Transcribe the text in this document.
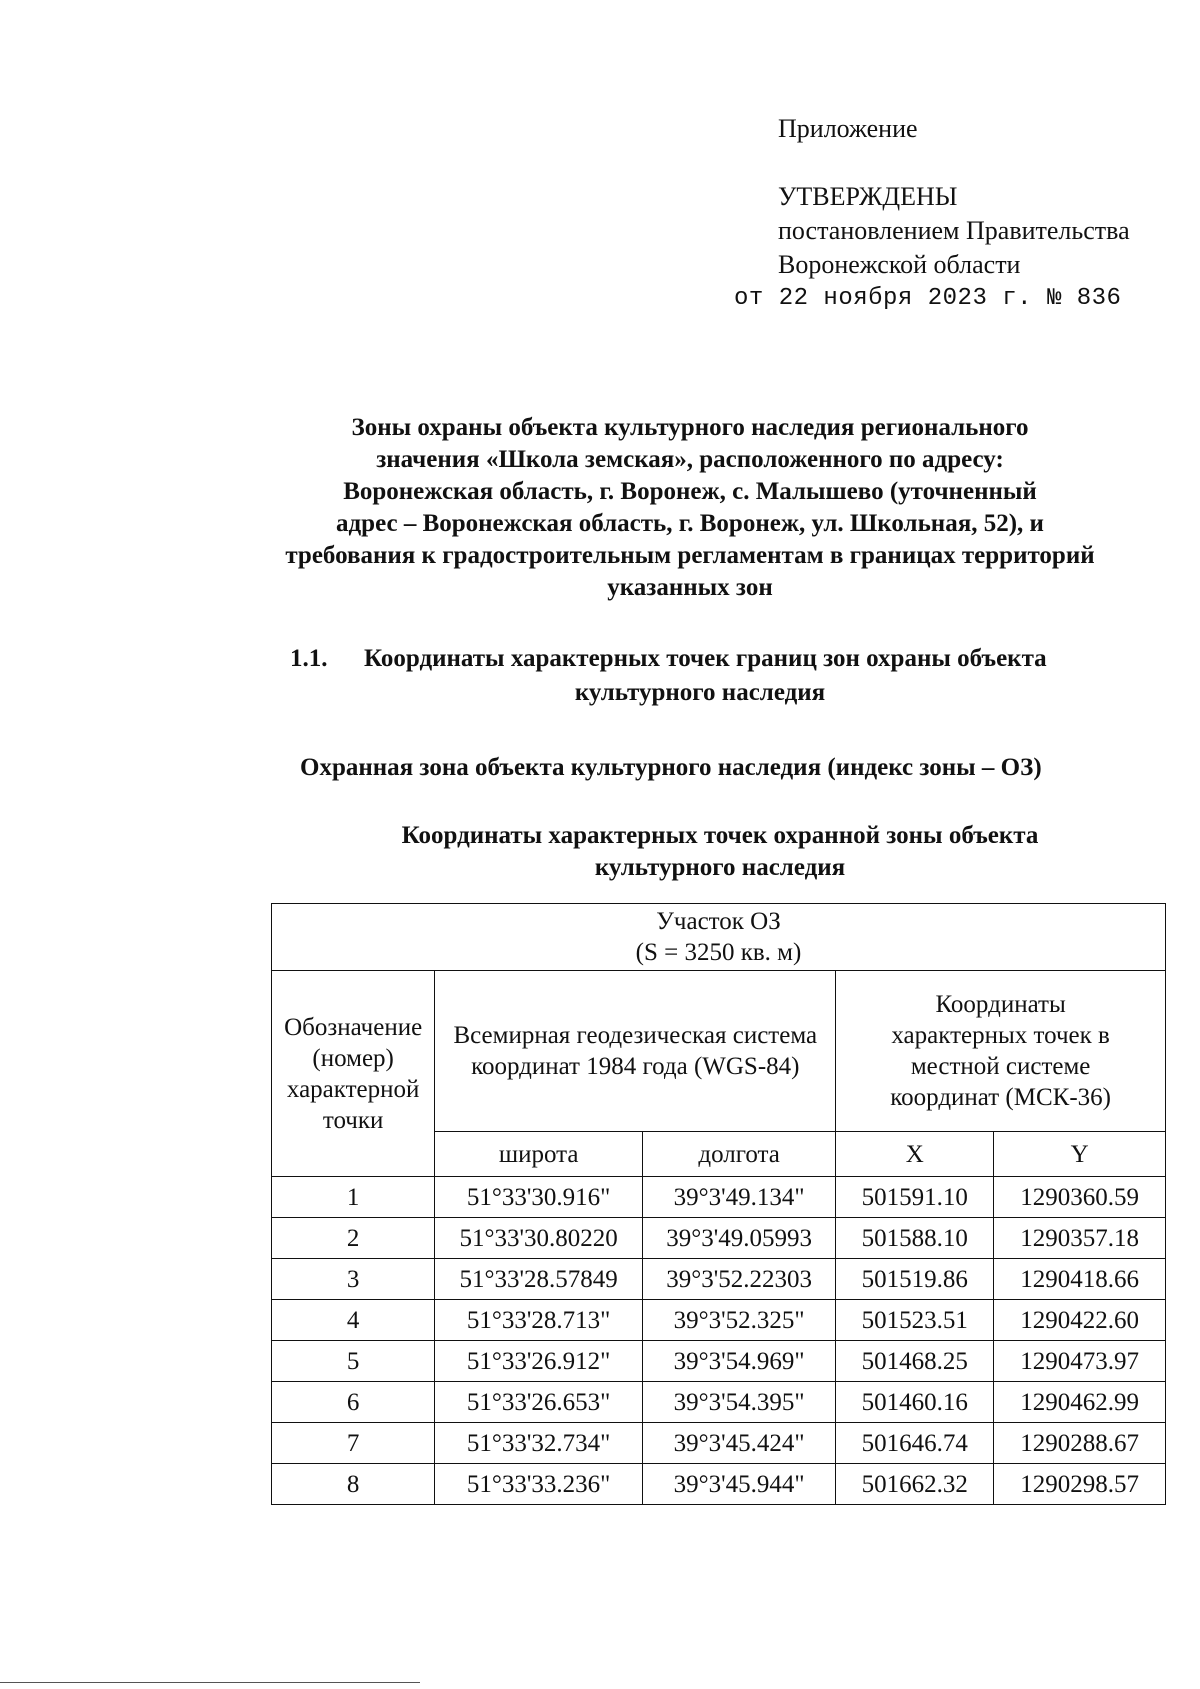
Приложение
УТВЕРЖДЕНЫ
постановлением Правительства
Воронежской области
от 22 ноября 2023 г. № 836
Зоны охраны объекта культурного наследия регионального
значения «Школа земская», расположенного по адресу:
Воронежская область, г. Воронеж, с. Малышево (уточненный
адрес – Воронежская область, г. Воронеж, ул. Школьная, 52), и
требования к градостроительным регламентам в границах территорий
указанных зон
1.1. Координаты характерных точек границ зон охраны объекта
культурного наследия
Охранная зона объекта культурного наследия (индекс зоны – ОЗ)
Координаты характерных точек охранной зоны объекта
культурного наследия
Участок ОЗ
(S = 3250 кв. м)				

Обозначение (номер) характерной точки	Всемирная геодезическая система координат 1984 года (WGS-84)		Координаты характерных точек в местной системе координат (МСК-36)	
	широта	долгота	X	Y
1	51°33'30.916"	39°3'49.134"	501591.10	1290360.59
2	51°33'30.80220	39°3'49.05993	501588.10	1290357.18
3	51°33'28.57849	39°3'52.22303	501519.86	1290418.66
4	51°33'28.713"	39°3'52.325"	501523.51	1290422.60
5	51°33'26.912"	39°3'54.969"	501468.25	1290473.97
6	51°33'26.653"	39°3'54.395"	501460.16	1290462.99
7	51°33'32.734"	39°3'45.424"	501646.74	1290288.67
8	51°33'33.236"	39°3'45.944"	501662.32	1290298.57
